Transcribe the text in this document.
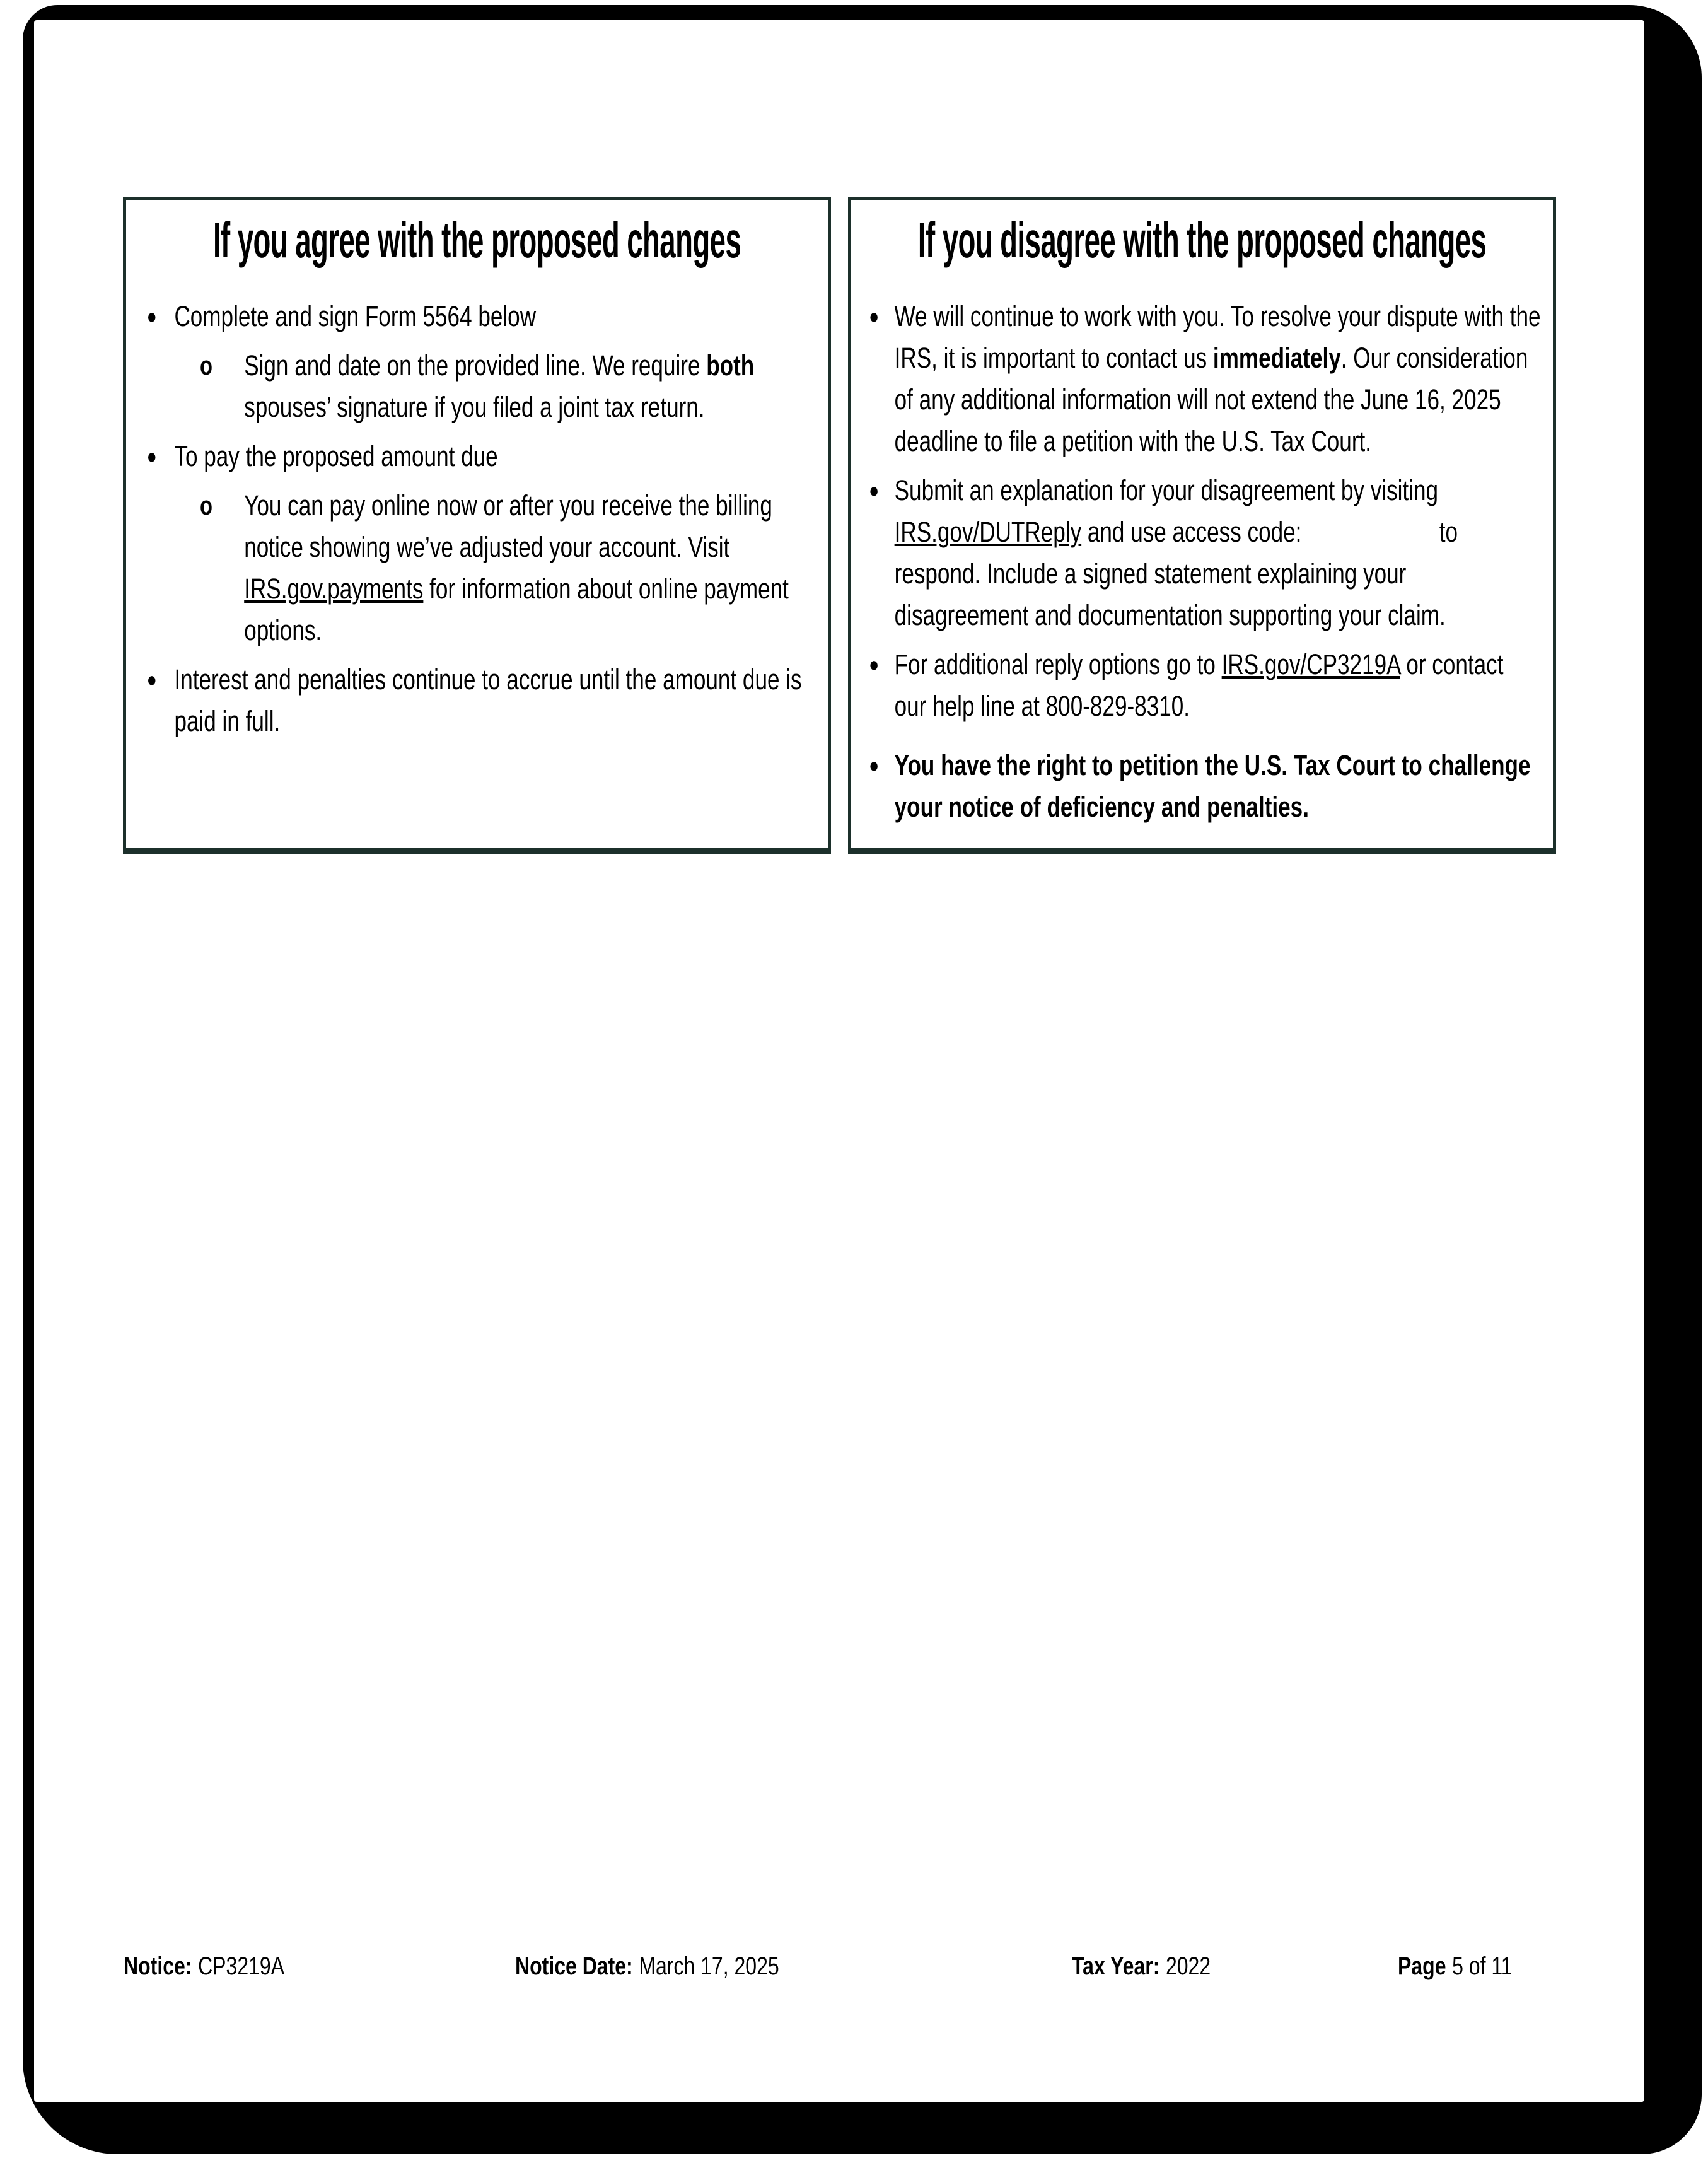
If you agree with the proposed changes
● Complete and sign Form 5564 below
o	Sign and date on the provided line. We require both spouses’ signature if you filed a joint tax return.
● To pay the proposed amount due
o	You can pay online now or after you receive the billing notice showing we’ve adjusted your account. Visit IRS.gov.payments for information about online payment options.
● Interest and penalties continue to accrue until the amount due is paid in full.
If you disagree with the proposed changes
● We will continue to work with you. To resolve your dispute with the IRS, it is important to contact us immediately. Our consideration of any additional information will not extend the June 16, 2025 deadline to file a petition with the U.S. Tax Court.
● Submit an explanation for your disagreement by visiting IRS.gov/DUTReply and use access code:	to respond. Include a signed statement explaining your disagreement and documentation supporting your claim.
● For additional reply options go to IRS.gov/CP3219A or contact our help line at 800-829-8310.
● You have the right to petition the U.S. Tax Court to challenge your notice of deficiency and penalties.
Notice: CP3219A	Notice Date: March 17, 2025	Tax Year: 2022	Page 5 of 11
